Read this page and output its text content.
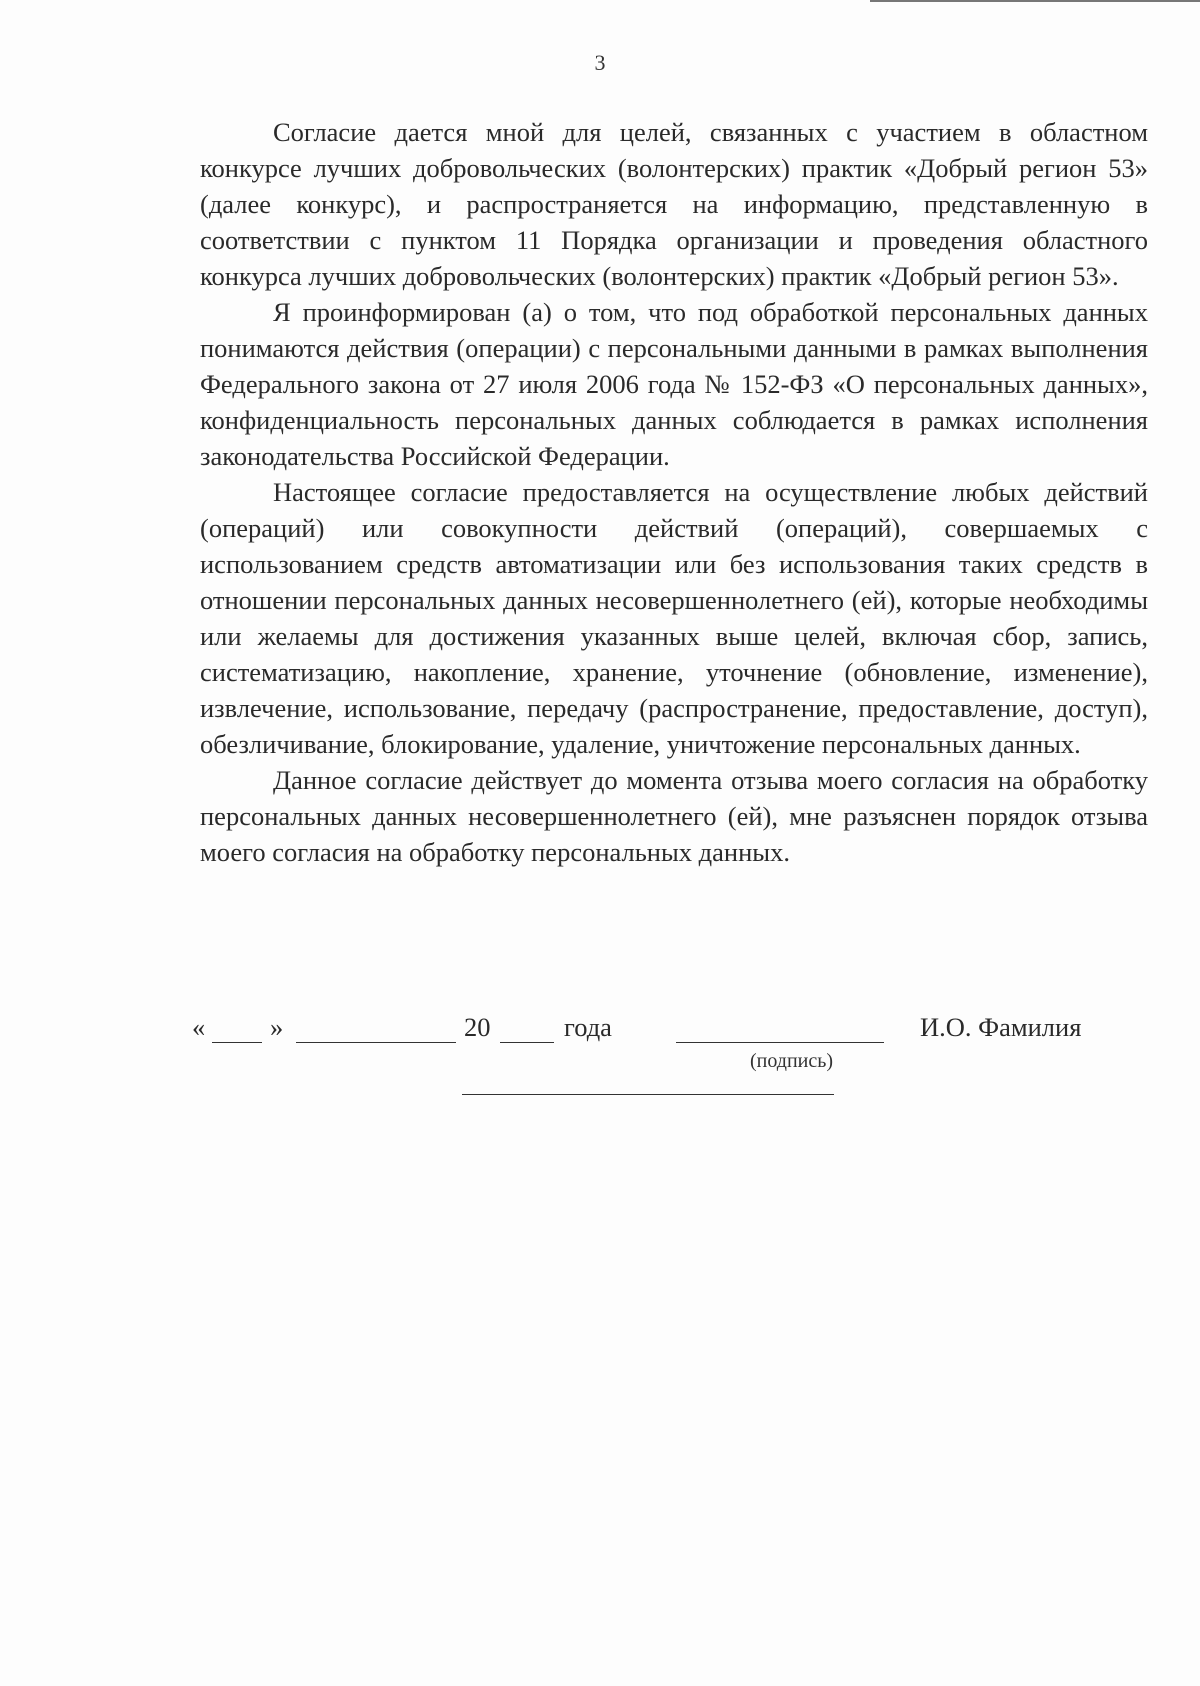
3

Согласие дается мной для целей, связанных с участием в областном конкурсе лучших добровольческих (волонтерских) практик «Добрый регион 53» (далее конкурс), и распространяется на информацию, представленную в соответствии с пунктом 11 Порядка организации и проведения областного конкурса лучших добровольческих (волонтерских) практик «Добрый регион 53».

Я проинформирован (а) о том, что под обработкой персональных данных понимаются действия (операции) с персональными данными в рамках выполнения Федерального закона от 27 июля 2006 года № 152-ФЗ «О персональных данных», конфиденциальность персональных данных соблюдается в рамках исполнения законодательства Российской Федерации.

Настоящее согласие предоставляется на осуществление любых действий (операций) или совокупности действий (операций), совершаемых с использованием средств автоматизации или без использования таких средств в отношении персональных данных несовершеннолетнего (ей), которые необходимы или желаемы для достижения указанных выше целей, включая сбор, запись, систематизацию, накопление, хранение, уточнение (обновление, изменение), извлечение, использование, передачу (распространение, предоставление, доступ), обезличивание, блокирование, удаление, уничтожение персональных данных.

Данное согласие действует до момента отзыва моего согласия на обработку персональных данных несовершеннолетнего (ей), мне разъяснен порядок отзыва моего согласия на обработку персональных данных.

« »	20	года	И.О. Фамилия
(подпись)
